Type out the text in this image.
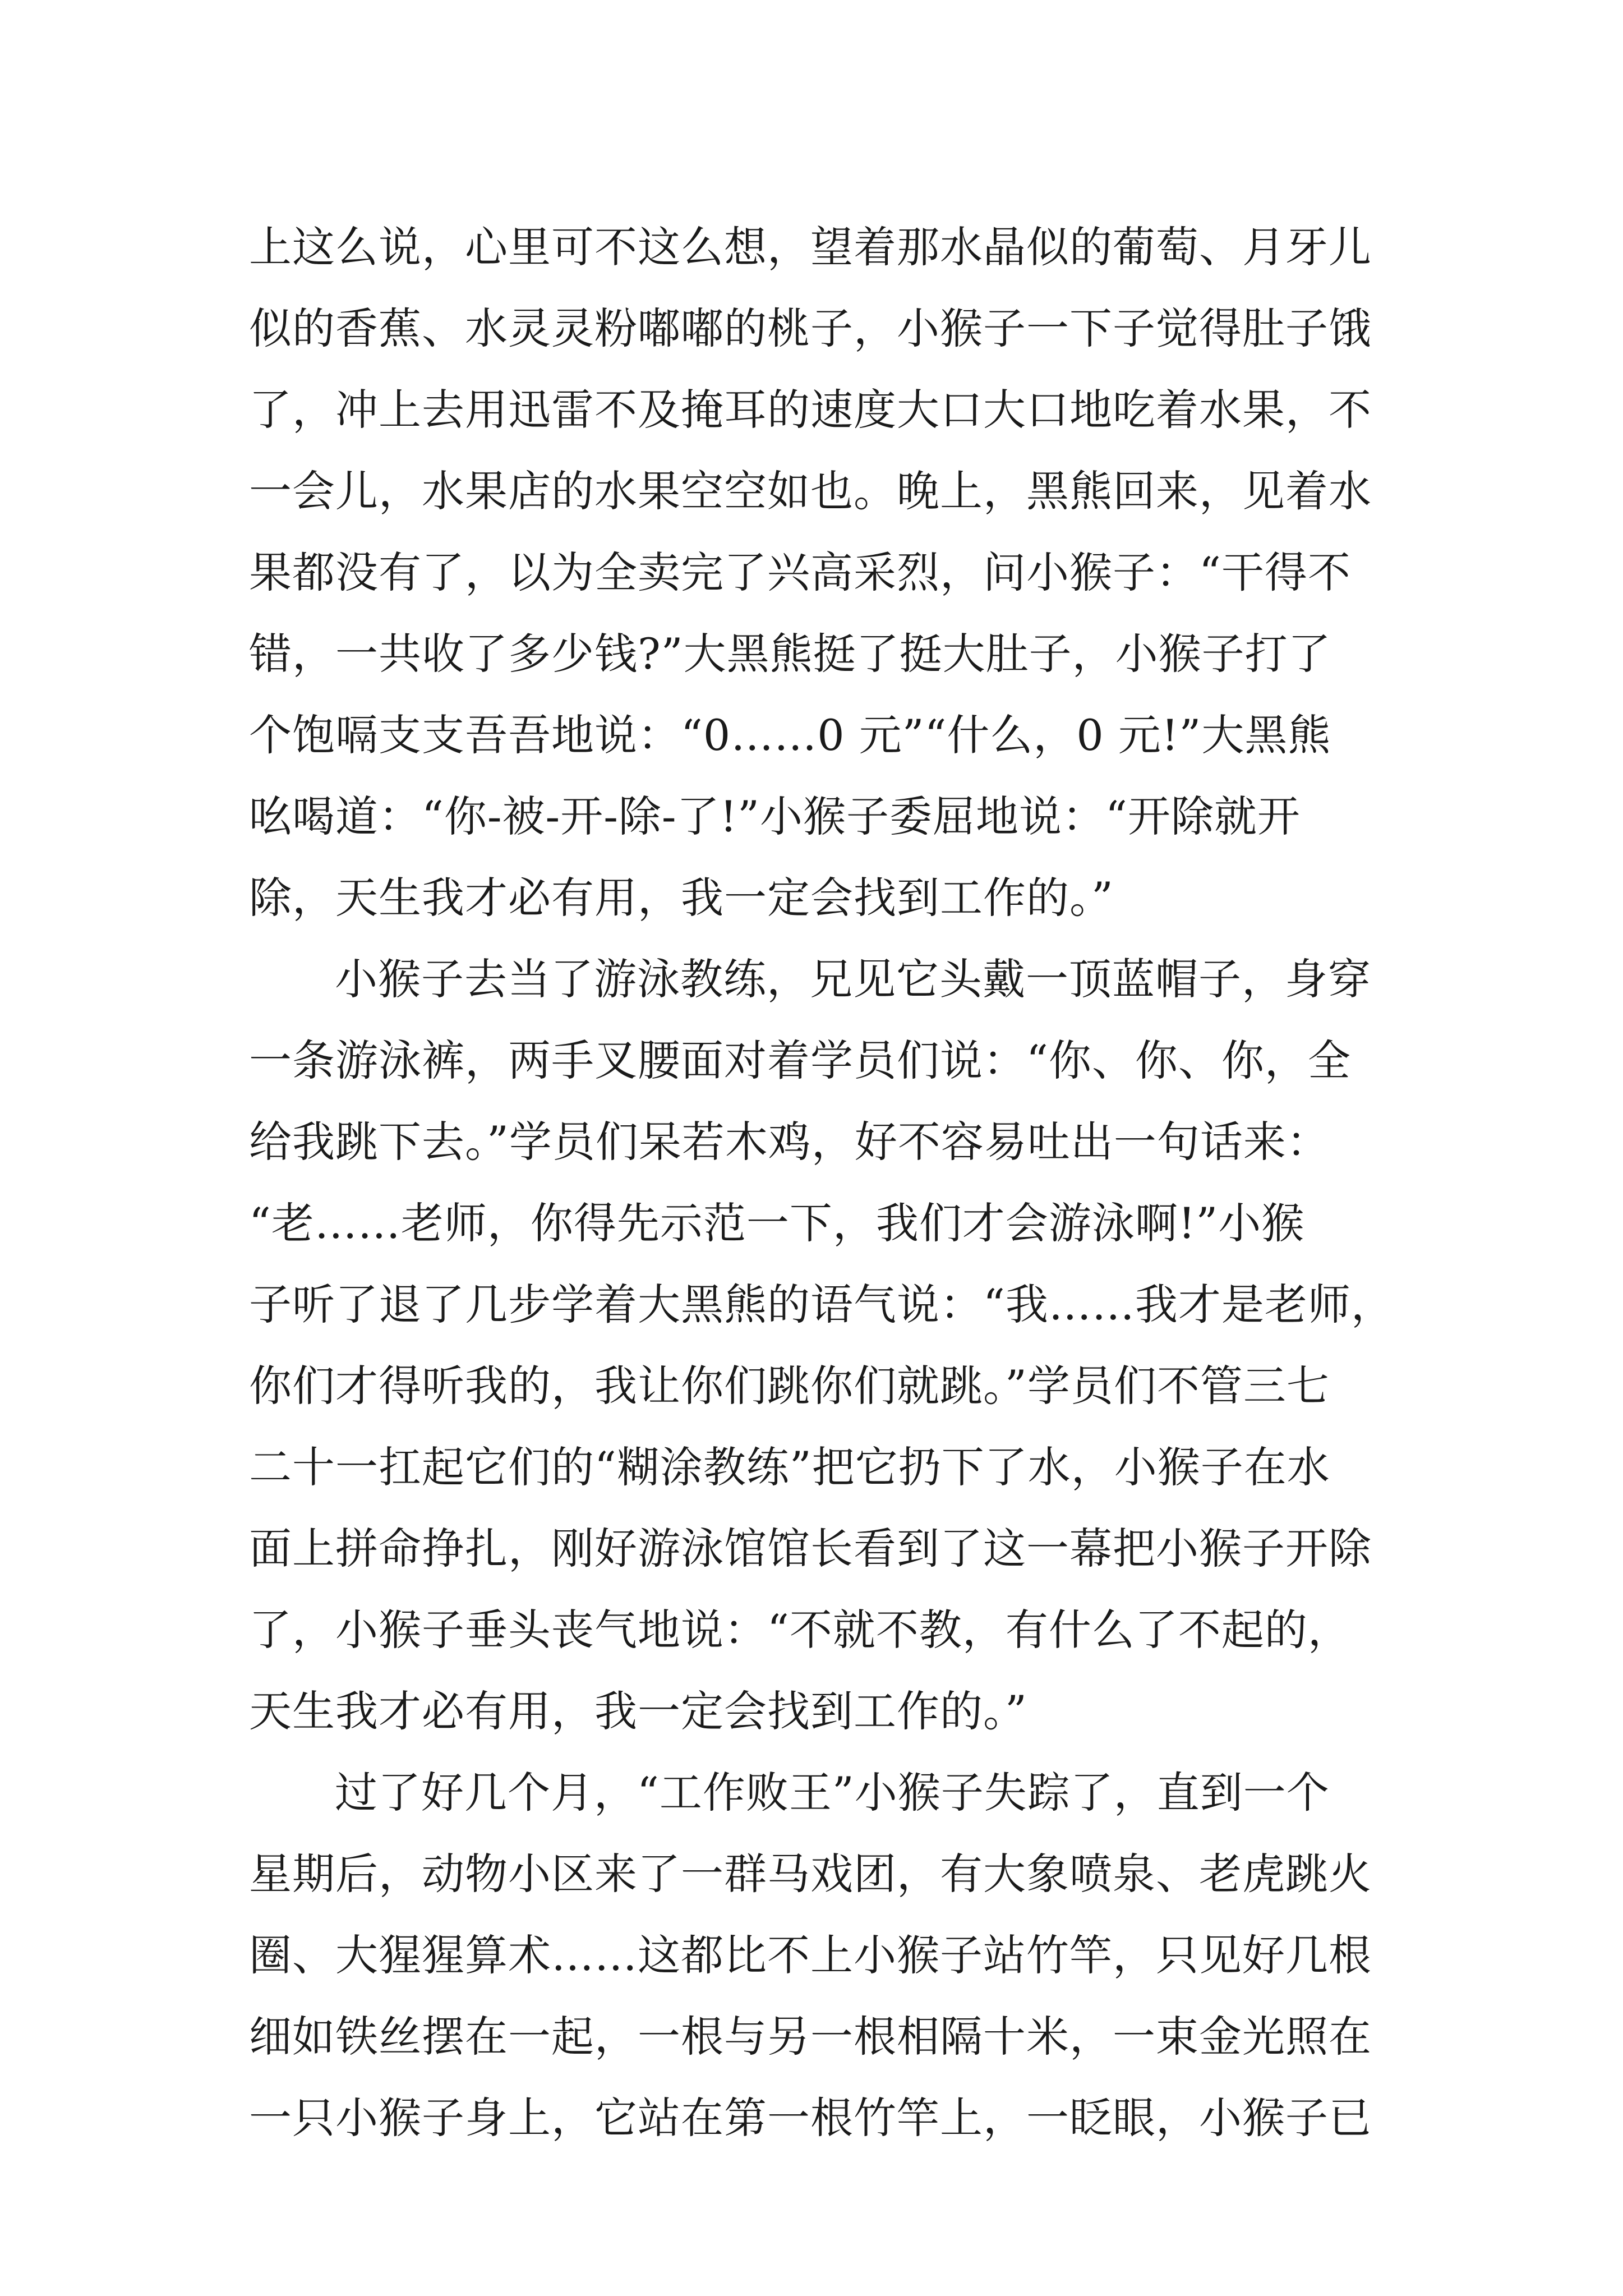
上这么说，心里可不这么想，望着那水晶似的葡萄、月牙儿
似的香蕉、水灵灵粉嘟嘟的桃子，小猴子一下子觉得肚子饿
了，冲上去用迅雷不及掩耳的速度大口大口地吃着水果，不
一会儿，水果店的水果空空如也。晚上，黑熊回来，见着水
果都没有了，以为全卖完了兴高采烈，问小猴子：“干得不
错，一共收了多少钱?”大黑熊挺了挺大肚子，小猴子打了
个饱嗝支支吾吾地说：“0……0 元”“什么，0 元!”大黑熊
吆喝道：“你-被-开-除-了!”小猴子委屈地说：“开除就开
除，天生我才必有用，我一定会找到工作的。”
小猴子去当了游泳教练，兄见它头戴一顶蓝帽子，身穿
一条游泳裤，两手叉腰面对着学员们说：“你、你、你，全
给我跳下去。”学员们呆若木鸡，好不容易吐出一句话来：
“老……老师，你得先示范一下，我们才会游泳啊!”小猴
子听了退了几步学着大黑熊的语气说：“我……我才是老师，
你们才得听我的，我让你们跳你们就跳。”学员们不管三七
二十一扛起它们的“糊涂教练”把它扔下了水，小猴子在水
面上拼命挣扎，刚好游泳馆馆长看到了这一幕把小猴子开除
了，小猴子垂头丧气地说：“不就不教，有什么了不起的，
天生我才必有用，我一定会找到工作的。”
过了好几个月，“工作败王”小猴子失踪了，直到一个
星期后，动物小区来了一群马戏团，有大象喷泉、老虎跳火
圈、大猩猩算术……这都比不上小猴子站竹竿，只见好几根
细如铁丝摆在一起，一根与另一根相隔十米，一束金光照在
一只小猴子身上，它站在第一根竹竿上，一眨眼，小猴子已
